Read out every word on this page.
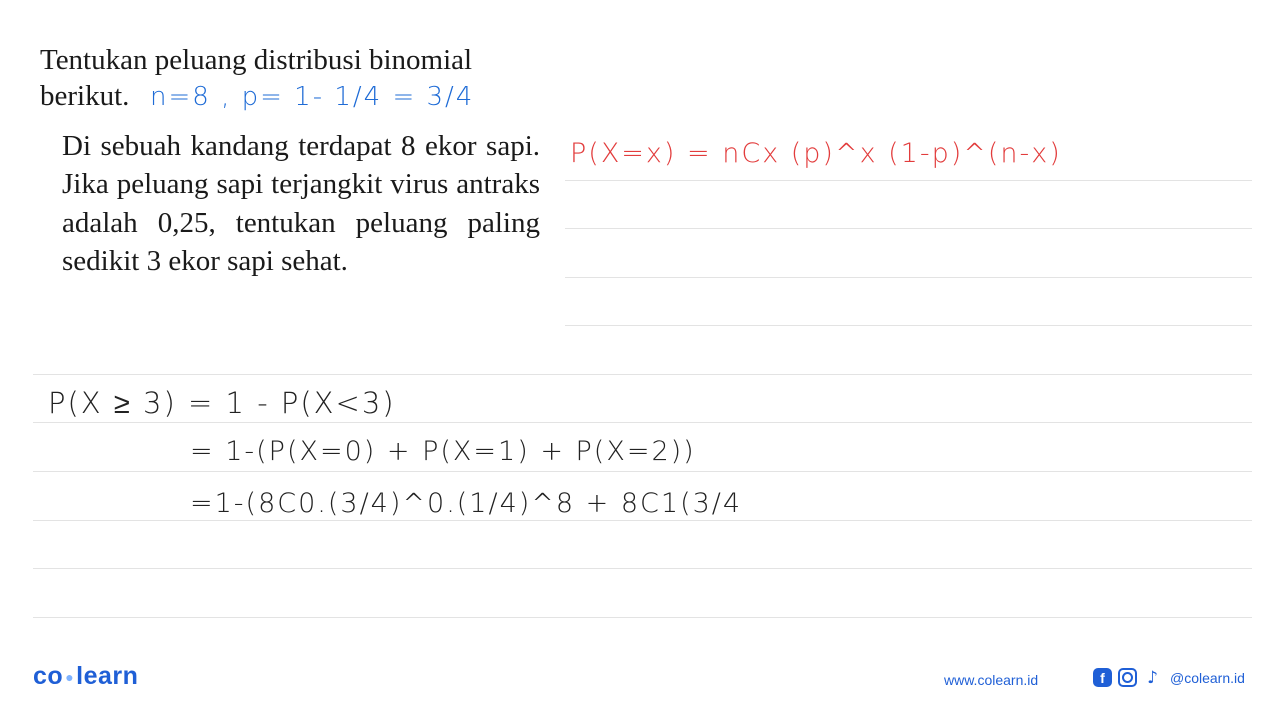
Tentukan peluang distribusi binomial berikut.
Di sebuah kandang terdapat 8 ekor sapi. Jika peluang sapi terjangkit virus antraks adalah 0,25, tentukan peluang paling sedikit 3 ekor sapi sehat.
n=8 , p= 1- 1/4 = 3/4
P(X=x) = nCx (p)^x (1-p)^(n-x)
P(X ≥ 3) = 1 - P(X<3)
= 1-(P(X=0) + P(X=1) + P(X=2))
=1-(8C0.(3/4)^0.(1/4)^8 + 8C1(3/4
co ●learn	www.colearn.id	f	♪ @colearn.id
